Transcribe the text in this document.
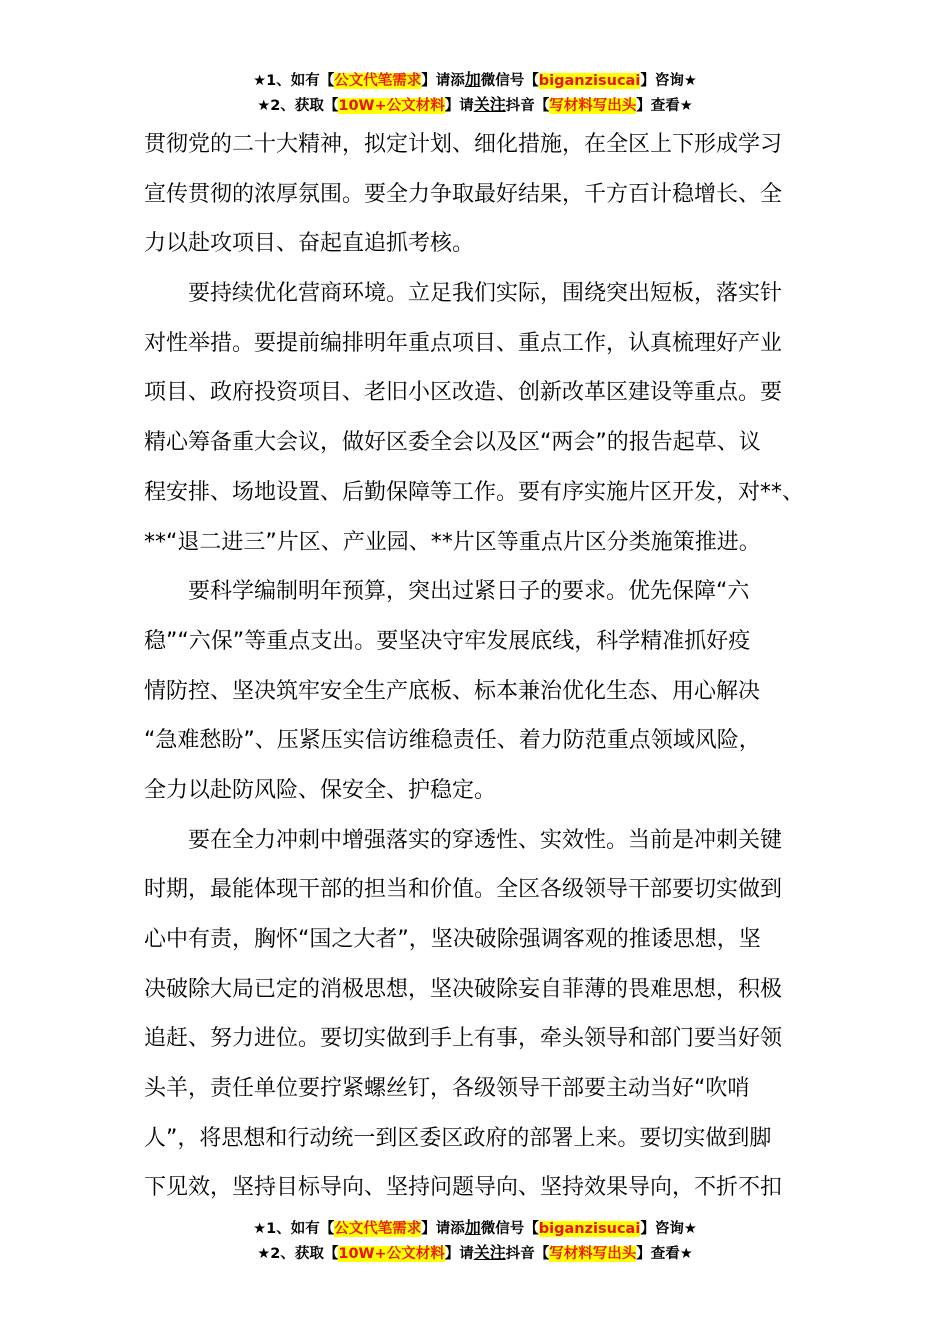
★1、如有【公文代笔需求】请添加微信号【biganzisucai】咨询★
★2、获取【10W+公文材料】请关注抖音【写材料写出头】查看★
贯彻党的二十大精神，拟定计划、细化措施，在全区上下形成学习
宣传贯彻的浓厚氛围。要全力争取最好结果，千方百计稳增长、全
力以赴攻项目、奋起直追抓考核。
要持续优化营商环境。立足我们实际，围绕突出短板，落实针
对性举措。要提前编排明年重点项目、重点工作，认真梳理好产业
项目、政府投资项目、老旧小区改造、创新改革区建设等重点。要
精心筹备重大会议，做好区委全会以及区“两会”的报告起草、议
程安排、场地设置、后勤保障等工作。要有序实施片区开发，对**、
**“退二进三”片区、产业园、**片区等重点片区分类施策推进。
要科学编制明年预算，突出过紧日子的要求。优先保障“六
稳”“六保”等重点支出。要坚决守牢发展底线，科学精准抓好疫
情防控、坚决筑牢安全生产底板、标本兼治优化生态、用心解决
“急难愁盼”、压紧压实信访维稳责任、着力防范重点领域风险，
全力以赴防风险、保安全、护稳定。
要在全力冲刺中增强落实的穿透性、实效性。当前是冲刺关键
时期，最能体现干部的担当和价值。全区各级领导干部要切实做到
心中有责，胸怀“国之大者”，坚决破除强调客观的推诿思想，坚
决破除大局已定的消极思想，坚决破除妄自菲薄的畏难思想，积极
追赶、努力进位。要切实做到手上有事，牵头领导和部门要当好领
头羊，责任单位要拧紧螺丝钉，各级领导干部要主动当好“吹哨
人”，将思想和行动统一到区委区政府的部署上来。要切实做到脚
下见效，坚持目标导向、坚持问题导向、坚持效果导向，不折不扣
★1、如有【公文代笔需求】请添加微信号【biganzisucai】咨询★
★2、获取【10W+公文材料】请关注抖音【写材料写出头】查看★
